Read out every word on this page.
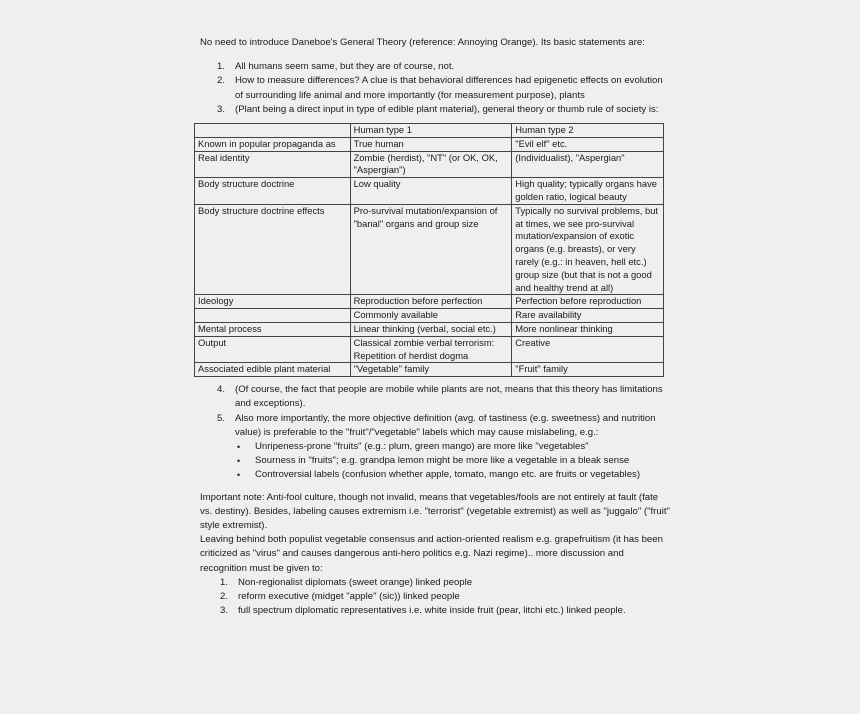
No need to introduce Daneboe's General Theory (reference: Annoying Orange). Its basic statements are:

1. All humans seem same, but they are of course, not.
2. How to measure differences? A clue is that behavioral differences had epigenetic effects on evolution of surrounding life animal and more importantly (for measurement purpose), plants
3. (Plant being a direct input in type of edible plant material), general theory or thumb rule of society is:
	Human type 1	Human type 2
Known in popular propaganda as	True human	"Evil elf" etc.
Real identity	Zombie (herdist), "NT" (or OK, OK, "Aspergian")	(Individualist), "Aspergian"
Body structure doctrine	Low quality	High quality; typically organs have golden ratio, logical beauty
Body structure doctrine effects	Pro-survival mutation/expansion of "banal" organs and group size	Typically no survival problems, but at times, we see pro-survival mutation/expansion of exotic organs (e.g. breasts), or very rarely (e.g.: in heaven, hell etc.) group size (but that is not a good and healthy trend at all)
Ideology	Reproduction before perfection	Perfection before reproduction
	Commonly available	Rare availability
Mental process	Linear thinking (verbal, social etc.)	More nonlinear thinking
Output	Classical zombie verbal terrorism: Repetition of herdist dogma	Creative
Associated edible plant material	"Vegetable" family	"Fruit" family
4. (Of course, the fact that people are mobile while plants are not, means that this theory has limitations and exceptions).
5. Also more importantly, the more objective definition (avg. of tastiness (e.g. sweetness) and nutrition value) is preferable to the "fruit"/"vegetable" labels which may cause mislabeling, e.g.:
• Unripeness-prone "fruits" (e.g.: plum, green mango) are more like "vegetables"
• Sourness in "fruits"; e.g. grandpa lemon might be more like a vegetable in a bleak sense
• Controversial labels (confusion whether apple, tomato, mango etc. are fruits or vegetables)

Important note: Anti-fool culture, though not invalid, means that vegetables/fools are not entirely at fault (fate vs. destiny). Besides, labeling causes extremism i.e. "terrorist" (vegetable extremist) as well as "juggalo" ("fruit" style extremist).

Leaving behind both populist vegetable consensus and action-oriented realism e.g. grapefruitism (it has been criticized as "virus" and causes dangerous anti-hero politics e.g. Nazi regime).. more discussion and recognition must be given to:

1. Non-regionalist diplomats (sweet orange) linked people
2. reform executive (midget "apple" (sic)) linked people
3. full spectrum diplomatic representatives i.e. white inside fruit (pear, litchi etc.) linked people.
